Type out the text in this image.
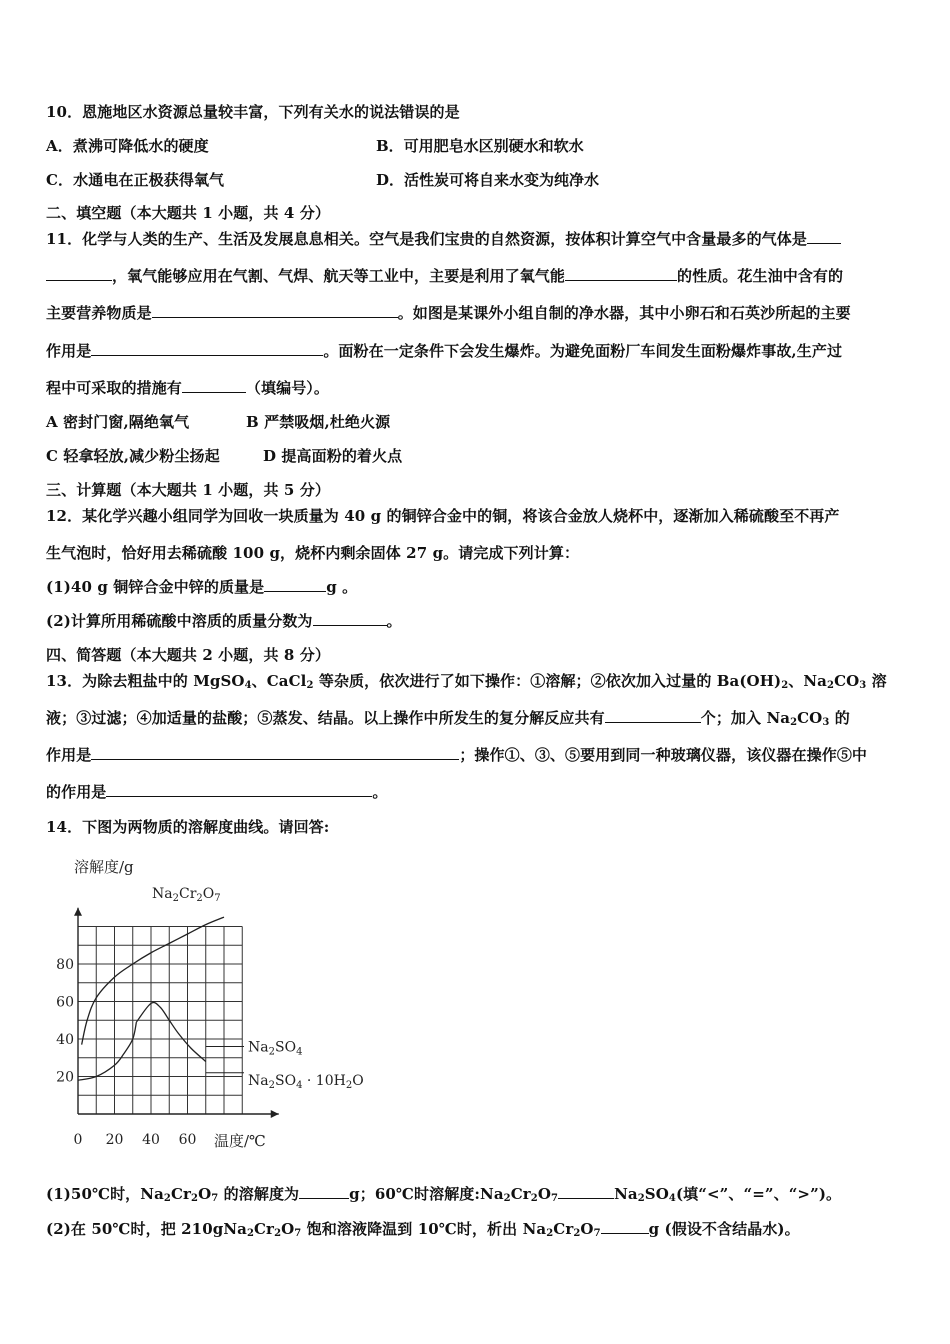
10．恩施地区水资源总量较丰富，下列有关水的说法错误的是
A．煮沸可降低水的硬度	B．可用肥皂水区别硬水和软水
C．水通电在正极获得氧气	D．活性炭可将自来水变为纯净水
二、填空题（本大题共 1 小题，共 4 分）
11．化学与人类的生产、生活及发展息息相关。空气是我们宝贵的自然资源，按体积计算空气中含量最多的气体是
，氧气能够应用在气割、气焊、航天等工业中，主要是利用了氧气能	的性质。花生油中含有的
主要营养物质是	。如图是某课外小组自制的净水器，其中小卵石和石英沙所起的主要
作用是	。面粉在一定条件下会发生爆炸。为避免面粉厂车间发生面粉爆炸事故,生产过
程中可采取的措施有	（填编号）。
A 密封门窗,隔绝氧气	B 严禁吸烟,杜绝火源
C 轻拿轻放,减少粉尘扬起	D 提高面粉的着火点
三、计算题（本大题共 1 小题，共 5 分）
12．某化学兴趣小组同学为回收一块质量为 40 g 的铜锌合金中的铜，将该合金放人烧杯中，逐渐加入稀硫酸至不再产
生气泡时，恰好用去稀硫酸 100 g，烧杯内剩余固体 27 g。请完成下列计算：
(1)40 g 铜锌合金中锌的质量是	g 。
(2)计算所用稀硫酸中溶质的质量分数为	。
四、简答题（本大题共 2 小题，共 8 分）
13．为除去粗盐中的 MgSO$_4$、CaCl$_2$ 等杂质，依次进行了如下操作：①溶解；②依次加入过量的 $Ba(OH)_2$、$Na_2CO_3$ 溶
液；③过滤；④加适量的盐酸；⑤蒸发、结晶。以上操作中所发生的复分解反应共有	个；加入 $Na_2CO_3$ 的
作用是	；操作①、③、⑤要用到同一种玻璃仪器，该仪器在操作⑤中
的作用是	。
14．下图为两物质的溶解度曲线。请回答:
溶解度/g
温度/℃
0 20 40 60
20
40
60
80
$Na_2Cr_2O_7$
$Na_2SO_4$
$Na_2SO_4 \cdot 10H_2O$
(1)50℃时，$Na_2Cr_2O_7$ 的溶解度为	g；60℃时溶解度$:Na_2Cr_2O_7$	$Na_2SO_4$(填“<”、“=”、“>”)。
(2)在 50℃时，把 $210gNa_2Cr_2O_7$ 饱和溶液降温到 10℃时，析出 $Na_2Cr_2O_7$	g (假设不含结晶水)。
